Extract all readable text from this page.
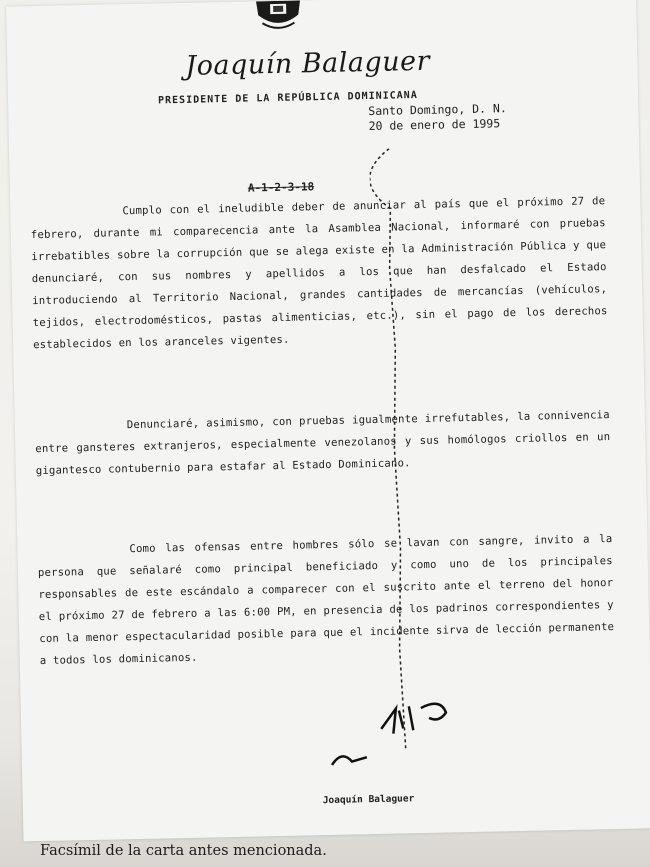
Joaquín Balaguer
PRESIDENTE DE LA REPÚBLICA DOMINICANA
Santo Domingo, D. N.
20 de enero de 1995
A-1-2-3-18
Cumplo con el ineludible deber de anunciar al país que el próximo 27 de febrero, durante mi comparecencia ante la Asamblea Nacional, informaré con pruebas irrebatibles sobre la corrupción que se alega existe en la Administración Pública y que denunciaré, con sus nombres y apellidos a los que han desfalcado el Estado introduciendo al Territorio Nacional, grandes cantidades de mercancías (vehículos, tejidos, electrodomésticos, pastas alimenticias, etc.), sin el pago de los derechos establecidos en los aranceles vigentes.
Denunciaré, asimismo, con pruebas igualmente irrefutables, la connivencia entre gansteres extranjeros, especialmente venezolanos y sus homólogos criollos en un gigantesco contubernio para estafar al Estado Dominicano.
Como las ofensas entre hombres sólo se lavan con sangre, invito a la persona que señalaré como principal beneficiado y como uno de los principales responsables de este escándalo a comparecer con el suscrito ante el terreno del honor el próximo 27 de febrero a las 6:00 PM, en presencia de los padrinos correspondientes y con la menor espectacularidad posible para que el incidente sirva de lección permanente a todos los dominicanos.
Joaquín Balaguer
Facsímil de la carta antes mencionada.
